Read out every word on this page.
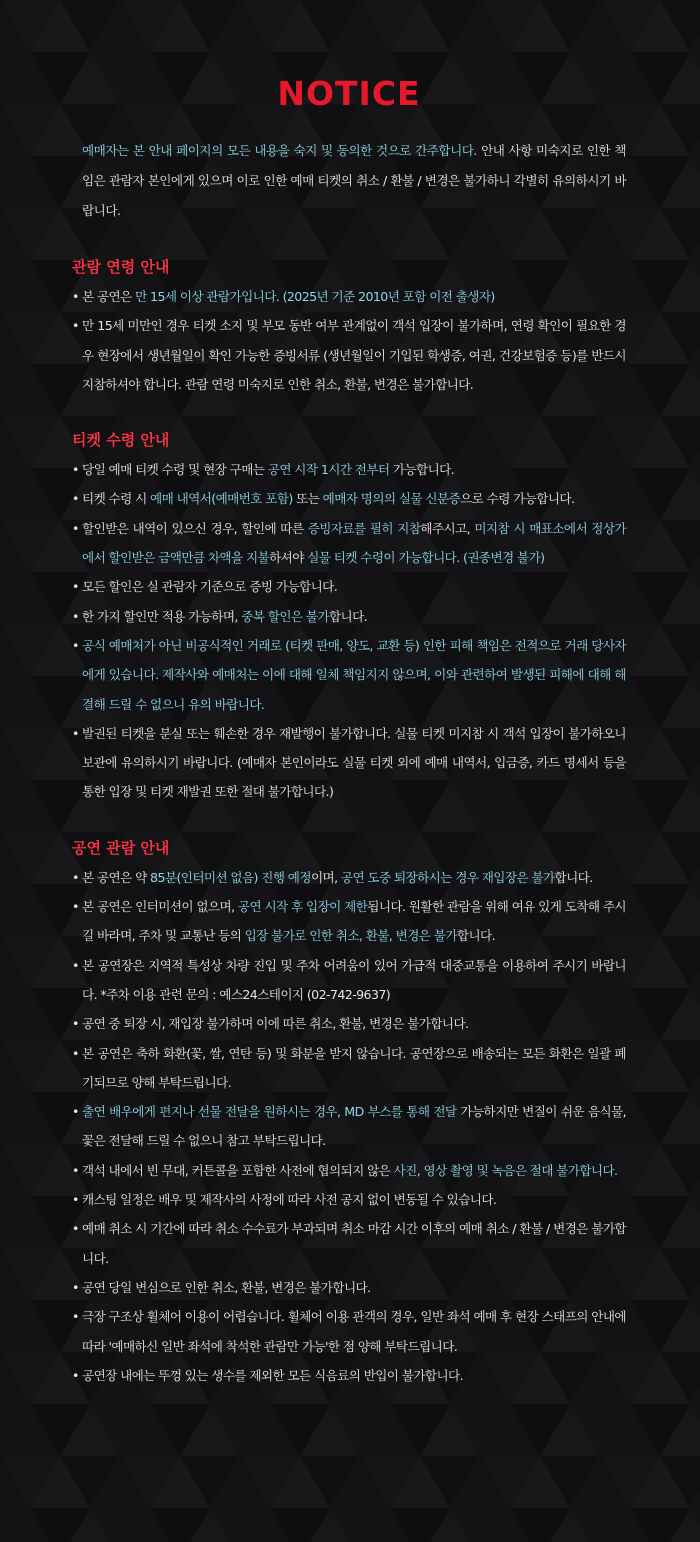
NOTICE

예매자는 본 안내 페이지의 모든 내용을 숙지 및 동의한 것으로 간주합니다. 안내 사항 미숙지로 인한 책임은 관람자 본인에게 있으며 이로 인한 예매 티켓의 취소 / 환불 / 변경은 불가하니 각별히 유의하시기 바랍니다.

관람 연령 안내
• 본 공연은 만 15세 이상 관람가입니다. (2025년 기준 2010년 포함 이전 출생자)
• 만 15세 미만인 경우 티켓 소지 및 부모 동반 여부 관계없이 객석 입장이 불가하며, 연령 확인이 필요한 경우 현장에서 생년월일이 확인 가능한 증빙서류 (생년월일이 기입된 학생증, 여권, 건강보험증 등)를 반드시 지참하셔야 합니다. 관람 연령 미숙지로 인한 취소, 환불, 변경은 불가합니다.
티켓 수령 안내
• 당일 예매 티켓 수령 및 현장 구매는 공연 시작 1시간 전부터 가능합니다.
• 티켓 수령 시 예매 내역서(예매번호 포함) 또는 예매자 명의의 실물 신분증으로 수령 가능합니다.
• 할인받은 내역이 있으신 경우, 할인에 따른 증빙자료를 필히 지참해주시고, 미지참 시 매표소에서 정상가에서 할인받은 금액만큼 차액을 지불하셔야 실물 티켓 수령이 가능합니다. (권종변경 불가)
• 모든 할인은 실 관람자 기준으로 증빙 가능합니다.
• 한 가지 할인만 적용 가능하며, 중복 할인은 불가합니다.
• 공식 예매처가 아닌 비공식적인 거래로 (티켓 판매, 양도, 교환 등) 인한 피해 책임은 전적으로 거래 당사자에게 있습니다. 제작사와 예매처는 이에 대해 일체 책임지지 않으며, 이와 관련하여 발생된 피해에 대해 해결해 드릴 수 없으니 유의 바랍니다.
• 발권된 티켓을 분실 또는 훼손한 경우 재발행이 불가합니다. 실물 티켓 미지참 시 객석 입장이 불가하오니 보관에 유의하시기 바랍니다. (예매자 본인이라도 실물 티켓 외에 예매 내역서, 입금증, 카드 명세서 등을 통한 입장 및 티켓 재발권 또한 절대 불가합니다.)
공연 관람 안내
• 본 공연은 약 85분(인터미션 없음) 진행 예정이며, 공연 도중 퇴장하시는 경우 재입장은 불가합니다.
• 본 공연은 인터미션이 없으며, 공연 시작 후 입장이 제한됩니다. 원활한 관람을 위해 여유 있게 도착해 주시길 바라며, 주차 및 교통난 등의 입장 불가로 인한 취소, 환불, 변경은 불가합니다.
• 본 공연장은 지역적 특성상 차량 진입 및 주차 어려움이 있어 가급적 대중교통을 이용하여 주시기 바랍니다. *주차 이용 관련 문의 : 예스24스테이지 (02-742-9637)
• 공연 중 퇴장 시, 재입장 불가하며 이에 따른 취소, 환불, 변경은 불가합니다.
• 본 공연은 축하 화환(꽃, 쌀, 연탄 등) 및 화분을 받지 않습니다. 공연장으로 배송되는 모든 화환은 일괄 폐기되므로 양해 부탁드립니다.
• 출연 배우에게 편지나 선물 전달을 원하시는 경우, MD 부스를 통해 전달 가능하지만 변질이 쉬운 음식물, 꽃은 전달해 드릴 수 없으니 참고 부탁드립니다.
• 객석 내에서 빈 무대, 커튼콜을 포함한 사전에 협의되지 않은 사진, 영상 촬영 및 녹음은 절대 불가합니다.
• 캐스팅 일정은 배우 및 제작사의 사정에 따라 사전 공지 없이 변동될 수 있습니다.
• 예매 취소 시 기간에 따라 취소 수수료가 부과되며 취소 마감 시간 이후의 예매 취소 / 환불 / 변경은 불가합니다.
• 공연 당일 변심으로 인한 취소, 환불, 변경은 불가합니다.
• 극장 구조상 휠체어 이용이 어렵습니다. 휠체어 이용 관객의 경우, 일반 좌석 예매 후 현장 스태프의 안내에 따라 '예매하신 일반 좌석에 착석한 관람만 가능'한 점 양해 부탁드립니다.
• 공연장 내에는 뚜껑 있는 생수를 제외한 모든 식음료의 반입이 불가합니다.
